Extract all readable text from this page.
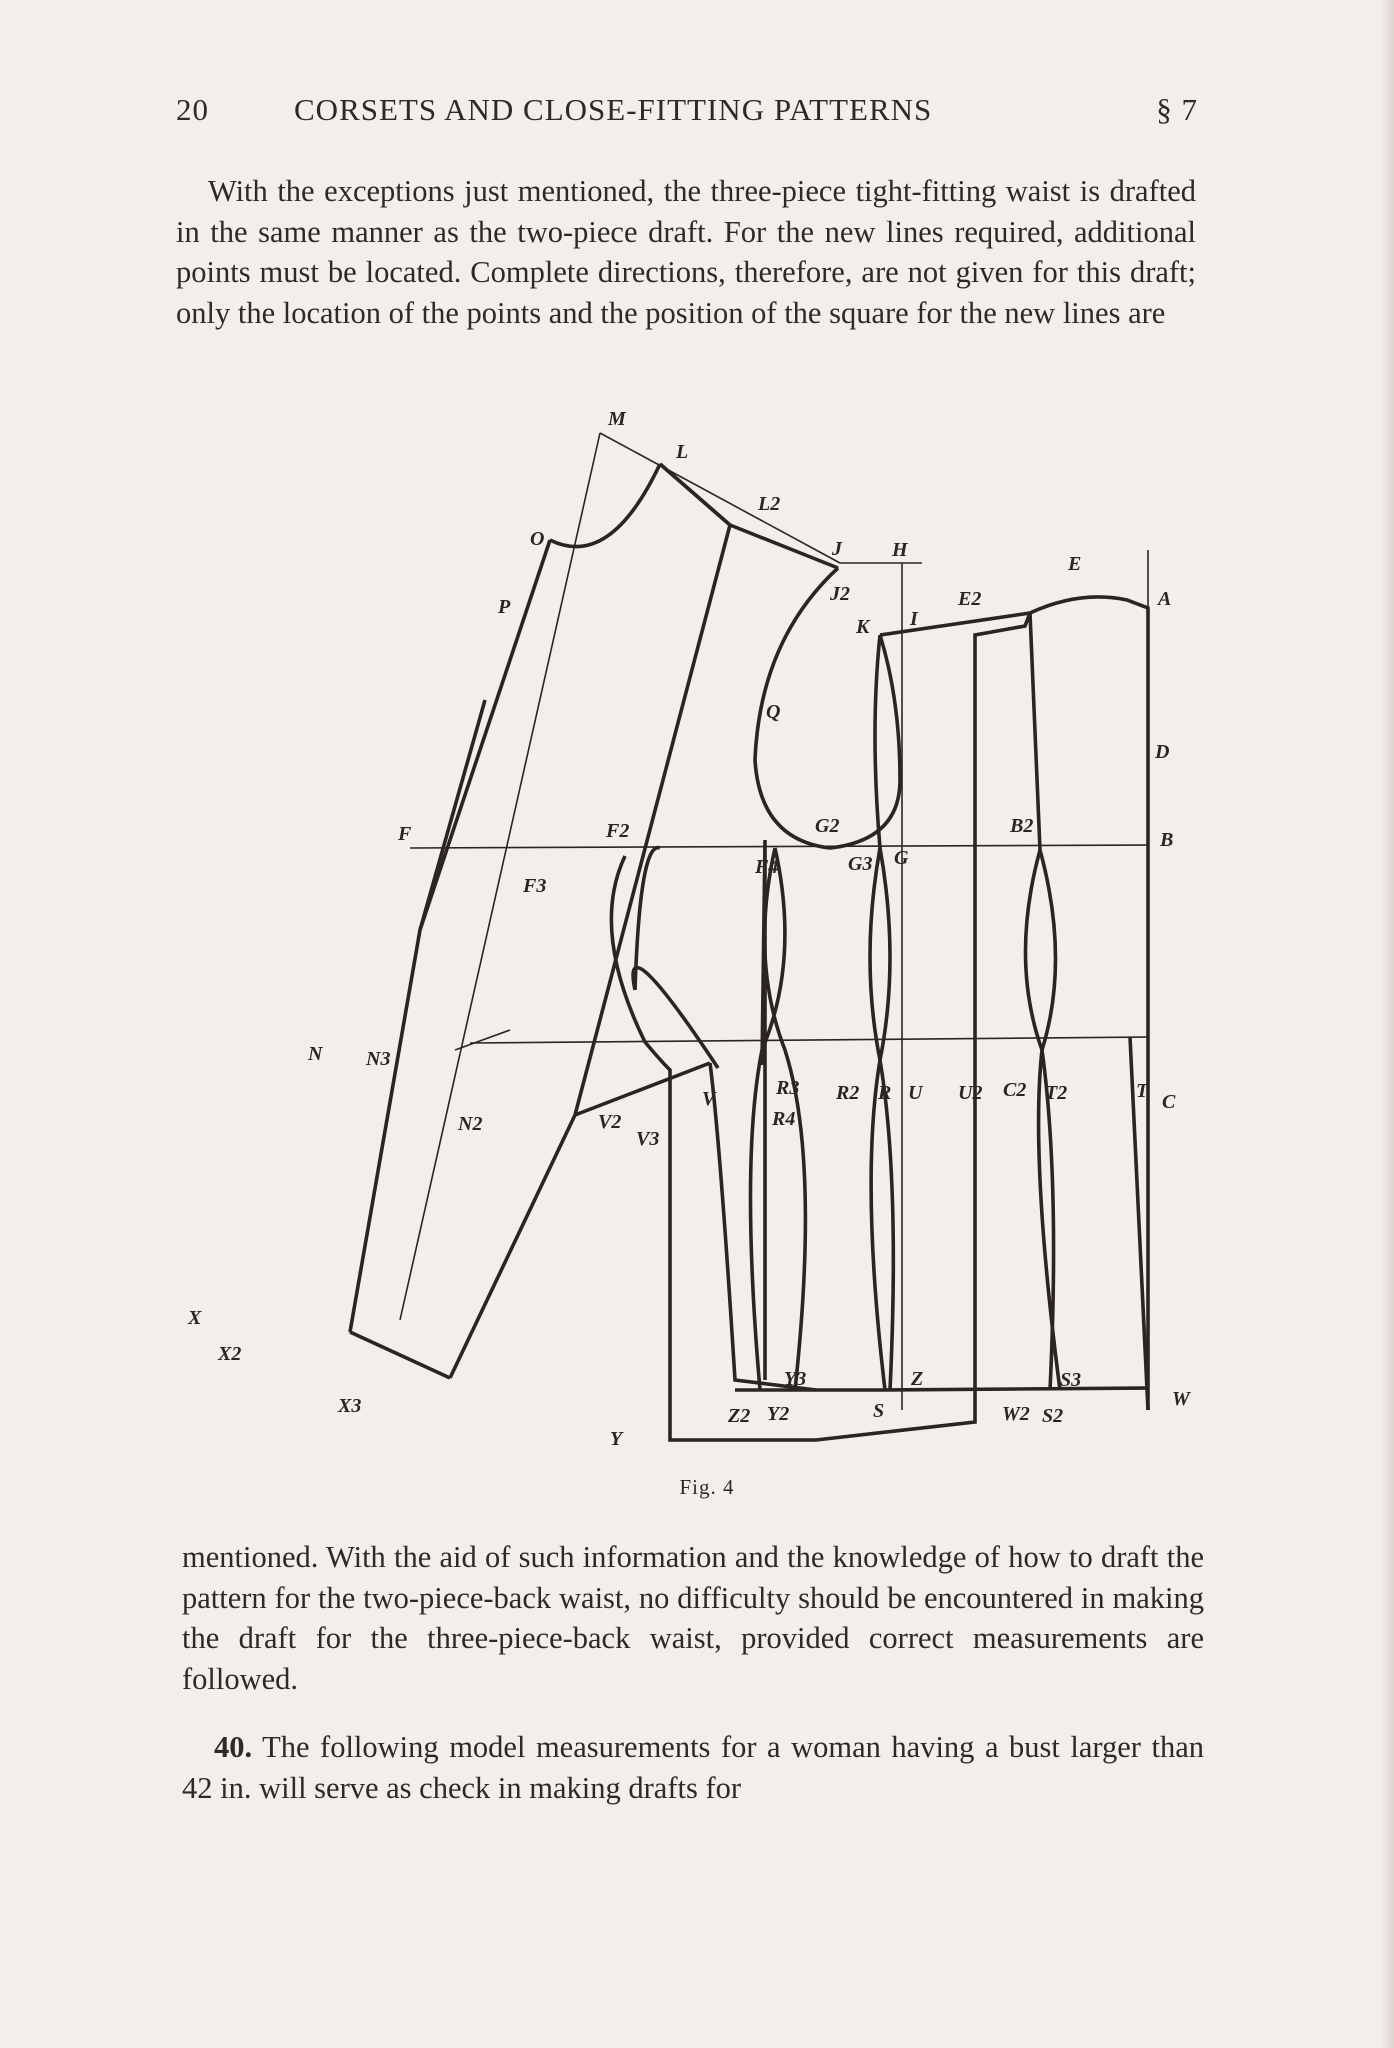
20	CORSETS AND CLOSE-FITTING PATTERNS	§ 7
With the exceptions just mentioned, the three-piece tight-fitting waist is drafted in the same manner as the two-piece draft. For the new lines required, additional points must be located. Complete directions, therefore, are not given for this draft; only the location of the points and the position of the square for the new lines are
M
L
L2
O	J	H
E
P
J2	E2	A
K I
Q
D
F	F2	G2	B2
B
F4	G3 G
F3
N N3
N2
V
V2
V3
R3
R4
R2 R U U2 C2 T2	T C
X
X2
X3
Y
Y2
Y3
Z2	S
Z
W2 S2
S3
W
Fig. 4
mentioned. With the aid of such information and the knowledge of how to draft the pattern for the two-piece-back waist, no difficulty should be encountered in making the draft for the three-piece-back waist, provided correct measurements are followed.
40. The following model measurements for a woman having a bust larger than 42 in. will serve as check in making drafts for
